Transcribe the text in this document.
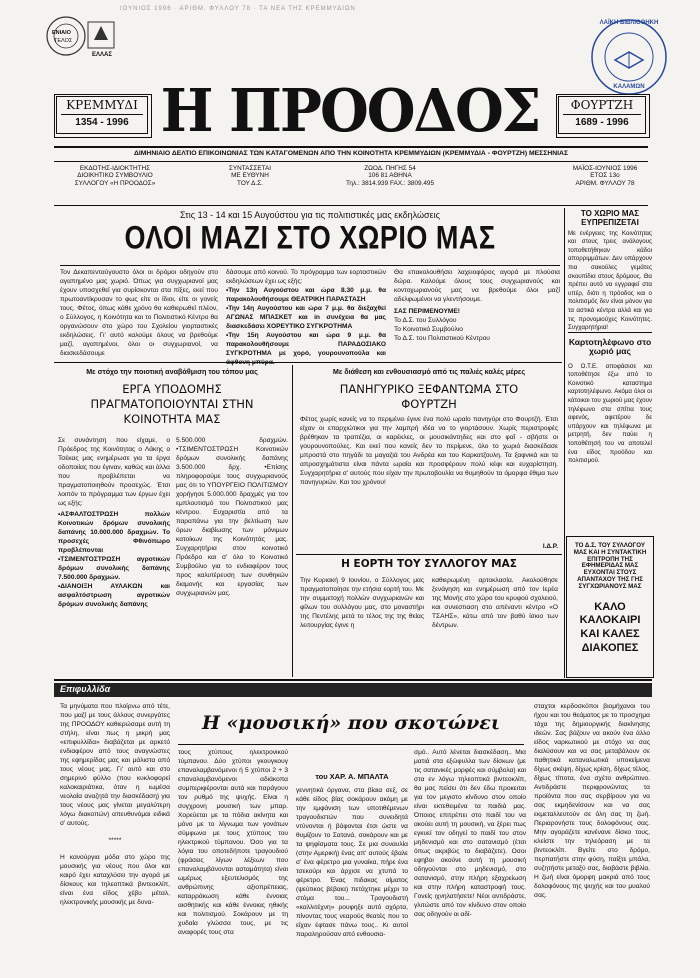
ΙΟΥΝΙΟΣ 1996 · ΑΡΙΘΜ. ΦΥΛΛΟΥ 78 · ΤΑ ΝΕΑ ΤΗΣ ΚΡΕΜΜΥΔΙΩΝ
ΕΝΙΑΙΟ
ΤΕΛΟΣ
ΕΛΛΑΣ
ΛΑΪΚΗ ΒΙΒΛΙΟΘΗΚΗ
ΚΑΛΑΜΩΝ
ΚΡΕΜΜΥΔΙ
1354 - 1996 Η ΠΡΟΟΔΟΣ	ΦΟΥΡΤΖΗ
1689 - 1996
ΔΙΜΗΝΙΑΙΟ ΔΕΛΤΙΟ ΕΠΙΚΟΙΝΩΝΙΑΣ ΤΩΝ ΚΑΤΑΓΟΜΕΝΩΝ ΑΠΟ ΤΗΝ ΚΟΙΝΟΤΗΤΑ ΚΡΕΜΜΥΔΙΩΝ (ΚΡΕΜΜΥΔΙΑ - ΦΟΥΡΤΖΗ) ΜΕΣΣΗΝΙΑΣ
ΕΚΔΟΤΗΣ-ΙΔΙΟΚΤΗΤΗΣ
ΔΙΟΙΚΗΤΙΚΟ ΣΥΜΒΟΥΛΙΟ
ΣΥΛΛΟΓΟΥ «Η ΠΡΟΟΔΟΣ»
ΣΥΝΤΑΣΣΕΤΑΙ
ΜΕ ΕΥΘΥΝΗ
ΤΟΥ Δ.Σ.
ΖΩΟΔ. ΠΗΓΗΣ 54
106 81 ΑΘΗΝΑ
Τηλ.: 3814.939 FAX.: 3809.495
ΜΑΪΟΣ-ΙΟΥΝΙΟΣ 1996
ΕΤΟΣ 13ο
ΑΡΙΘΜ. ΦΥΛΛΟΥ 78
Στις 13 - 14 και 15 Αυγούστου για τις πολιτιστικές μας εκδηλώσεις
ΟΛΟΙ ΜΑΖΙ ΣΤΟ ΧΩΡΙΟ ΜΑΣ

Τον Δεκαπενταύγουστο όλοι οι δρόμοι οδηγούν στο αγαπημένο μας χωριό. Όπως για συγχωριανοί μας έχουν υποσχεθεί για συρίσκονται στα πίξες, εκεί που πρωτοαντίκρυσαν το φως είτε οι ίδιοι, είτε οι γονείς τους. Φέτος, όπως κάθε χρόνο θα καθιερωθεί πλέον, ο Σύλλογος, η Κοινότητα και το Πολιτιστικό Κέντρο θα οργανώσουν στο χώρο του Σχολείου γιορταστικές εκδηλώσεις. Γι' αυτό καλούμε όλους να βρεθούμε μαζί, αγαπημένοι, όλοι οι συγχωριανοί, να διασκεδάσουμε

δάσουμε από κοινού. Το πρόγραμμα των εορταστικών εκδηλώσεων έχει ως εξής:

•Την 13η Αυγούστου και ώρα 8.30 μ.μ. θα παρακολουθήσουμε ΘΕΑΤΡΙΚΗ ΠΑΡΑΣΤΑΣΗ

•Την 14η Αυγούστου και ώρα 7 μ.μ. θα διεξαχθεί ΑΓΩΝΑΣ ΜΠΑΣΚΕΤ και in συνέχεια θα μας διασκεδάσει ΧΟΡΕΥΤΙΚΟ ΣΥΓΚΡΟΤΗΜΑ

•Την 15η Αυγούστου και ώρα 9 μ.μ. θα παρακολουθήσουμε ΠΑΡΑΔΟΣΙΑΚΟ ΣΥΓΚΡΟΤΗΜΑ με χορό, γουρουνοπούλα και

Θα επακολουθήσει λαχειοφόρος αγορά με πλούσια δώρα. Καλούμε όλους τους συγχωριανούς και κοντοχωριανούς μας να βρεθούμε όλοι μαζί αδελφωμένοι να γλεντήσουμε.

ΣΑΣ ΠΕΡΙΜΕΝΟΥΜΕ!

Το Δ.Σ. του Συλλόγου

Το Κοινοτικό Συμβούλιο

Το Δ.Σ. του Πολιτιστικού Κέντρου

ΤΟ ΧΩΡΙΟ ΜΑΣ ΕΥΠΡΕΠΙΖΕΤΑΙ
Με ενέργειες της Κοινότητας και στους τρεις ανάλογους τοποθετήθηκαν κάδοι απορριμμάτων. Δεν υπάρχουν πια σακούλες γεμάτες σκουπίδια στους δρόμους. Θα πρέπει αυτό να εγγραφεί στα υπέρ, διότι η πρόοδος και ο πολιτισμός δεν είναι μόνον για τα αστικά κέντρα αλλά και για τις προνομιούχες Κοινότητες. Συγχαρητήρια!
Καρτοτηλέφωνο στο χωριό μας
Ο Ο.Τ.Ε. αποφάσισε και τοποθέτησε έξω από το Κοινοτικό καταστημα καρτοτηλέφωνο. Ακόμα όλοι οι κάτοικοι του χωριού μας έχουν τηλέφωνο στα σπίτια τους αφενός, αφετέρου δε υπάρχουν και τηλέφωνα με μετρητή, δεν παύει η τοποθέτησή του να αποτελεί ένα είδος προόδου και πολιτισμού.
ΤΟ Δ.Σ. ΤΟΥ ΣΥΛΛΟΓΟΥ ΜΑΣ ΚΑΙ Η ΣΥΝΤΑΚΤΙΚΗ ΕΠΙΤΡΟΠΗ ΤΗΣ ΕΦΗΜΕΡΙΔΑΣ ΜΑΣ ΕΥΧΟΝΤΑΙ ΣΤΟΥΣ ΑΠΑΝΤΑΧΟΥ ΤΗΣ ΓΗΣ ΣΥΓΧΩΡΙΑΝΟΥΣ ΜΑΣ
ΚΑΛΟ ΚΑΛΟΚΑΙΡΙ ΚΑΙ ΚΑΛΕΣ ΔΙΑΚΟΠΕΣ
Με στόχο την ποιοτική αναβάθμιση του τόπου μας
ΕΡΓΑ ΥΠΟΔΟΜΗΣ ΠΡΑΓΜΑΤΟΠΟΙΟΥΝΤΑΙ ΣΤΗΝ ΚΟΙΝΟΤΗΤΑ ΜΑΣ

Σε συνάντηση που είχαμε, ο Πρόεδρος της Κοινότητας ο Λάκης ο Τσέκας μας ενημέρωσε για τα έργα οδοποιίας που έγιναν, καθώς και άλλα που προβλέπεται να πραγματοποιηθούν προσεχώς. Έτσι λοιπόν το πρόγραμμα των έργων έχει ως εξής:

•ΑΣΦΑΛΤΟΣΤΡΩΣΗ πολλών Κοινοτικών δρόμων συνολικής δαπάνης 10.000.000 δραχμών. Το προσεχές Φθινόπωρο προβλέπονται

•ΤΣΙΜΕΝΤΟΣΤΡΩΣΗ αγροτικών δρόμων συνολικής δαπάνης 7.500.000 δραχμών.

•ΔΙΑΝΟΙΞΗ ΑΥΛΑΚΩΝ και ασφαλτόστρωση αγροτικών δρόμων συνολικής δαπάνης

5.500.000 δραχμών. •ΤΣΙΜΕΝΤΟΣΤΡΩΣΗ Κοινοτικών δρόμων συνολικής δαπάνης 3.500.000 δρχ. •Επίσης πληροφορούμε τους συγχωριανούς μας ότι το ΥΠΟΥΡΓΕΙΟ ΠΟΛΙΤΙΣΜΟΥ χορήγησε 5.000.000 δραχμές για τον εμπλουτισμό του Πολιτιστικού μας κέντρου. Ευχαριστία από τα παραπάνω για την βελτίωση των όρων διαβίωσης των μόνιμων κατοίκων της Κοινότητάς μας. Συγχαρητήρια στον κοινοτικό Πρόεδρο και σ' όλο το Κοινοτικό Συμβούλιο για το ενδιαφέρον τους προς καλυτέρευση των συνθηκών διαμονής και εργασίας των συγχωριανών μας.
Με διάθεση και ενθουσιασμό από τις παλιές καλές μέρες
ΠΑΝΗΓΥΡΙΚΟ ΞΕΦΑΝΤΩΜΑ ΣΤΟ ΦΟΥΡΤΖΗ
Φέτος χωρίς κανείς να το περιμένει έγινε ένα πολύ ωραίο πανηγύρι στο Φουρτζή. Έτσι είχαν οι επαρχιώτικοι για την λαμπρή ιδέα να το γιορτάσουν. Χωρίς περιστροφές βρέθηκαν τα τραπέζια, οι καρέκλες, οι μουσικάντηδες και στο φαΐ - σβήστε οι γουρουνοπούλες. Και εκεί που κανείς δεν το περίμενε, όλο το χωριό διασκέδασε μπροστά στο πηγάδι τα μαγαζιά του Ανδρέα και του Καρκατζουλη. Τα ξαφνικά και τα απροσχημάτιστα είναι πάντα ωραία και προσφέρουν πολύ κέφι και ευχαρίστηση. Συγχαρητήρια σ' αυτούς που είχαν την πρωτοβουλία να θυμηθούν τα όμορφα έθιμα των πανηγυριών. Και του χρόνου!
Ι.Δ.Ρ.
Η ΕΟΡΤΗ ΤΟΥ ΣΥΛΛΟΓΟΥ ΜΑΣ
Την Κυριακή 9 Ιουνίου, ο Σύλλογος μας πραγματοποίησε την ετήσια εορτή του. Με την συμμετοχή πολλών συγχωριανών και φίλων του συλλόγου μας, στο μοναστήρι της Πεντέλης μετά το τέλος της της θείας λειτουργίας έγινε η
καθιερωμένη αρτοκλασία. Ακολούθησε ξενάγηση και ενημέρωση από τον Ιερέα της Μονής στο χώρο του κρυφού σχολειού, και συνεστιαση στο απέναντι κέντρο «Ο ΤΣΑΗΣ», κάτω από τον βαθύ ίσκιο των δέντρων.
Επιφυλλίδα

Τα μηνύματα που πλοίρνω από τέτε, που μαζί με τους άλλους συνεργάτες της ΠΡΟΟΔΟΥ καθιερώσαμε αυτή τη στήλη, είναι πως η μικρή μας «επιφυλλίδα» διαβάζεται με αρκετό ενδιαφέρον από τους αναγνώστες της εφημερίδας μας και μάλιστα από τους νέους μας. Γι' αυτό και στο σημερινό φύλλο (που κυκλοφορεί καλοκαιριάτικα, όταν η ιωμέσα νεολαία αναζητά την διασκέδαση) για τους νέους μας γίνεται μεγαλύτερη λόγω διακοπών) απευθυνόμαι ειδικά σ' αυτούς.

*****

Η κανούργια μόδα στο χώρο της μουσικής για νέους που όλοι και καιρό έχει καταχλύσει την αγορά με δίσκους και τηλεοπτικά βιντεοκλίπ, είναι ένα είδος χέβυ μέταλ, ηλεκτρονικής μουσικής με δυνα-

Η «μουσική» που σκοτώνει
τους χτύπους ηλεκτρονικού τύμπανου. Δύο χτύποι γκουγκουγ επαναλαμβανόμενοι ή 5 χτύποι 2 + 3 επαναλαμβανόμενοι αδιάκοπα συμπεριφέρονται αυτά και παράγουν τον ρυθμό της ψυχής. Είναι η συγχρονη μουσική των μπαρ. Χορεύεται με τα πόδια ακίνητα και μόνο με το λίγνωμα των γονάτων σύμφωνα με τους χτύπους του ηλεκτρικού τύμπανου. Όσο για τα λόγια του οποτεδήποτε τραγουδιού (φράσεις λίγων λέξεων που επαναλαμβάνονται ασταμάτητα) είναι ωμέρως εξευτελισμός της ανθρώπινης αξιοπρέπειας, καταρράκωση κάθε έννοιας αισθητικής και κάθε έννοιας ηθικής και πολιτισμού. Σοκάρουν με τη χυδαία γλώσσα τους, με τις αναφορές τους στα
του ΧΑΡ. Α. ΜΠΑΛΤΑ
γεννητικά όργανα, στα βίαια σεξ, σε κάθε είδος βίας σοκάρουν ακόμη με την εμφάνιση των υποτιθέμενων τραγουδιστών που συνειδητά ντύνονται ή βάφονται έτσι ώστε να θυμίζουν το Σατανά, σοκάρουν και με τα ψηφίσματα τους. Σε μια συναυλία (στην Αμερική) ένας απ' αυτούς έβαλε σ' ένα φέρετρο μια γυναίκα, πήρε ένα τσεκούρι και άρχισε να χτυπά το φέρετρο. Ένας πιδακας αίματος (ψεύτικος βέβαια) πετάχτηκε μέχρι το στόμα του... Τραγουδιστή «καλλιτέχνη» ρουφηξε αυτό αχόρτα, πίνοντας τους νεαρούς θεατές που το είχαν έφτασε πάνω τους.. Κι αυτοί παραληρούσαν από ενθουσια-
σμό.. Αυτό λένεται διασκέδαση.. Μια ματιά στα εξώφυλλα των δίσκων (με τις σατανικές μορφές και σύμβολα) και στα εν λόγω τηλεοπτικά βιντεοκλίπ, θα μας πείσει ότι δεν έδω προκειται για τον μεγιστο κίνδυνο στον οποίο είναι εκτεθειμένα τα παιδιά μας. Όποιος επιτρέπει στο παιδί του να ακούει αυτή τη μουσική, να ξέρει πως εγκυεί τον οδηγεί το παιδί του στον μηδενισμό και στο σατανισμό (έτσι όπως ακριβώς το διαβάζετε). Οσοι εφηβοι ακούνε αυτή τη μουσική οδηγούνται στο μηδενισμό, στο σατανισμό, στην πλήρη εξαχρείωση και στην πλήρη καταστροφή τους. Γονείς ιχνηλατήσετε! Νέοι αντιδράστε, γλιτώστε από τον κίνδυνο στον οποίο σας οδηγούν οι αδί-
σταχτοι κερδοσκόποι βιομήχανοι του ήχου και του θεάματος με το προσχημα τάχα της δημιουργικής διακίνησης ιδεών. Σας βάζουν να ακούν ένα άλλο είδος ναρκωτικού με στόχο να σας διαλύσουν και να σας μεταβάλουν σε παθητικά καταναλωτικά υποκείμενα δίχως σκέψη, δίχως κρίση, δίχως τέλος, δίχως τίποτα, ένα σχέτο ανθρώπινο. Αντιδράστε περιφρονώντας τα προϊόντα που σας σερβίρουν για να σας εκμηδενίσουν και να σας εκμεταλλευτούν σε όλη σας τη ζωή. Περιαρονήστε τους δολοφόνους σας. Μην αγοράζετε κανένανε δίσκο τους, κλείστε την τηλεόραση με τα βιντεοκλίπ. Βγείτε στο δρόμο, περπατήστε στην φύση, παίξτε μπάλα, συζητήστε μεταξύ σας, διαβάστε βιβλία. Η ζωή είναι όμορφη μακριά από τους δολοφόνους της ψυχής και του μυαλού σας.
